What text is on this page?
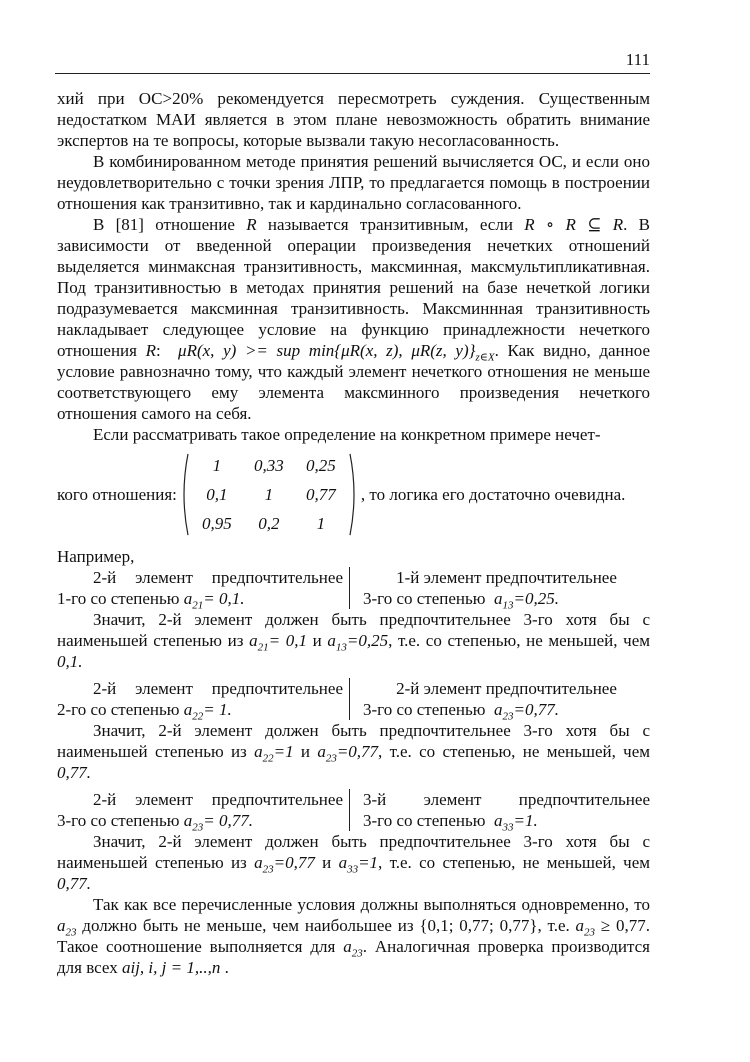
111

хий при ОС>20% рекомендуется пересмотреть суждения. Существенным недостатком МАИ является в этом плане невозможность обратить внимание экспертов на те вопросы, которые вызвали такую несогласованность.

В комбинированном методе принятия решений вычисляется ОС, и если оно неудовлетворительно с точки зрения ЛПР, то предлагается помощь в построении отношения как транзитивно, так и кардинально согласованного.

В [81] отношение R называется транзитивным, если R ∘ R ⊆ R. В зависимости от введенной операции произведения нечетких отношений выделяется минмаксная транзитивность, максминная, максмультипликативная. Под транзитивностью в методах принятия решений на базе нечеткой логики подразумевается максминная транзитивность. Максминнная транзитивность накладывает следующее условие на функцию принадлежности нечеткого отношения R: μR(x, y) >= sup min{μR(x, z), μR(z, $y)\}_{z\in X}$. Как видно, данное условие равнозначно тому, что каждый элемент нечеткого отношения не меньше соответствующего ему элемента максминного произведения нечеткого отношения самого на себя.

Если рассматривать такое определение на конкретном примере нечет-

кого отношения:
1	0,33	0,25
0,1	1	0,77
0,95	0,2	1
, то логика его достаточно очевидна.

Например,

2-й элемент предпочтительнее
1-го со степенью $a_{21}= 0,1$.
1-й элемент предпочтительнее
3-го со степенью $a_{13}=0,25$.

Значит, 2-й элемент должен быть предпочтительнее 3-го хотя бы с наименьшей степенью из $a_{21}= 0,1$ и $a_{13}=0,25$, т.е. со степенью, не меньшей, чем 0,1.

2-й элемент предпочтительнее
2-го со степенью $a_{22}= 1$.
2-й элемент предпочтительнее
3-го со степенью $a_{23}=0,77$.

Значит, 2-й элемент должен быть предпочтительнее 3-го хотя бы с наименьшей степенью из $a_{22}=1$ и $a_{23}=0,77$, т.е. со степенью, не меньшей, чем 0,77.

2-й элемент предпочтительнее
3-го со степенью $a_{23}= 0,77$.
3-й элемент предпочтительнее
3-го со степенью $a_{33}=1$.

Значит, 2-й элемент должен быть предпочтительнее 3-го хотя бы с наименьшей степенью из $a_{23}=0,77$ и $a_{33}=1$, т.е. со степенью, не меньшей, чем 0,77.

Так как все перечисленные условия должны выполняться одновременно, то $a_{23}$ должно быть не меньше, чем наибольшее из {0,1; 0,77; 0,77}, т.е. $a_{23} \ge 0,77$. Такое соотношение выполняется для $a_{23}$. Аналогичная проверка производится для всех aij, i, j = 1,..,n .
